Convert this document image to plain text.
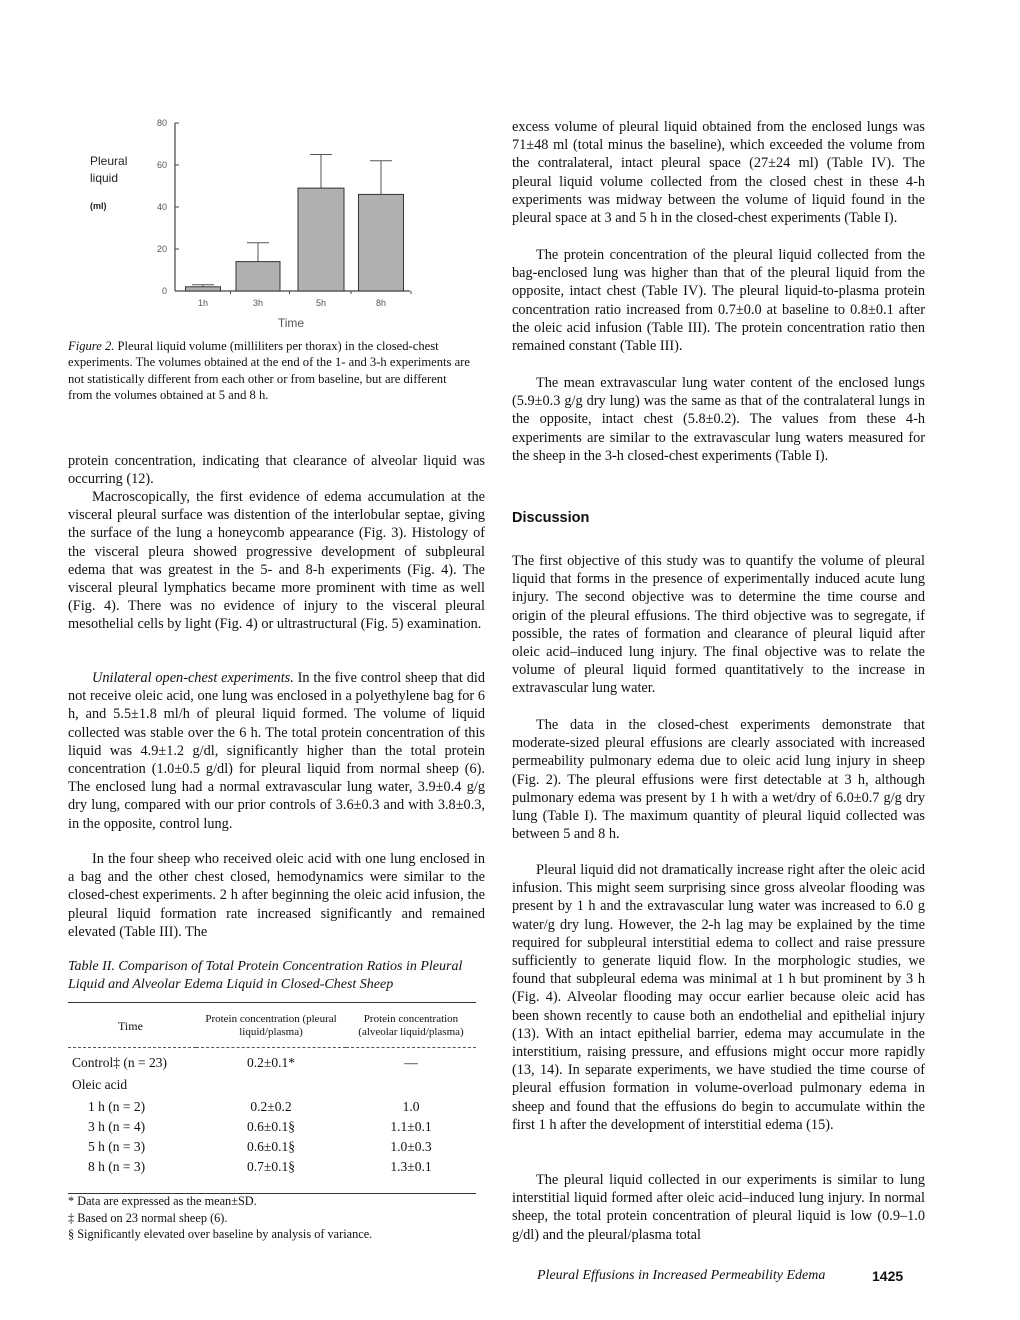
0
20
40
60
80
1h	3h	5h	8h
Time
Pleural
liquid
(ml)
Figure 2. Pleural liquid volume (milliliters per thorax) in the closed-chest experiments. The volumes obtained at the end of the 1- and 3-h experiments are not statistically different from each other or from baseline, but are different from the volumes obtained at 5 and 8 h.

protein concentration, indicating that clearance of alveolar liquid was occurring (12).

Macroscopically, the first evidence of edema accumulation at the visceral pleural surface was distention of the interlobular septae, giving the surface of the lung a honeycomb appearance (Fig. 3). Histology of the visceral pleura showed progressive development of subpleural edema that was greatest in the 5- and 8-h experiments (Fig. 4). The visceral pleural lymphatics became more prominent with time as well (Fig. 4). There was no evidence of injury to the visceral pleural mesothelial cells by light (Fig. 4) or ultrastructural (Fig. 5) examination.

Unilateral open-chest experiments. In the five control sheep that did not receive oleic acid, one lung was enclosed in a polyethylene bag for 6 h, and 5.5±1.8 ml/h of pleural liquid formed. The volume of liquid collected was stable over the 6 h. The total protein concentration of this liquid was 4.9±1.2 g/dl, significantly higher than the total protein concentration (1.0±0.5 g/dl) for pleural liquid from normal sheep (6). The enclosed lung had a normal extravascular lung water, 3.9±0.4 g/g dry lung, compared with our prior controls of 3.6±0.3 and with 3.8±0.3, in the opposite, control lung.

In the four sheep who received oleic acid with one lung enclosed in a bag and the other chest closed, hemodynamics were similar to the closed-chest experiments. 2 h after beginning the oleic acid infusion, the pleural liquid formation rate increased significantly and remained elevated (Table III). The

Table II. Comparison of Total Protein Concentration Ratios in Pleural Liquid and Alveolar Edema Liquid in Closed-Chest Sheep
Time	Protein concentration (pleural liquid/plasma)	Protein concentration (alveolar liquid/plasma)
Control‡ (n = 23)	0.2±0.1*	—
Oleic acid		
1 h (n = 2)	0.2±0.2	1.0
3 h (n = 4)	0.6±0.1§	1.1±0.1
5 h (n = 3)	0.6±0.1§	1.0±0.3
8 h (n = 3)	0.7±0.1§	1.3±0.1

* Data are expressed as the mean±SD.
‡ Based on 23 normal sheep (6).
§ Significantly elevated over baseline by analysis of variance.

excess volume of pleural liquid obtained from the enclosed lungs was 71±48 ml (total minus the baseline), which exceeded the volume from the contralateral, intact pleural space (27±24 ml) (Table IV). The pleural liquid volume collected from the closed chest in these 4-h experiments was midway between the volume of liquid found in the pleural space at 3 and 5 h in the closed-chest experiments (Table I).

The protein concentration of the pleural liquid collected from the bag-enclosed lung was higher than that of the pleural liquid from the opposite, intact chest (Table IV). The pleural liquid-to-plasma protein concentration ratio increased from 0.7±0.0 at baseline to 0.8±0.1 after the oleic acid infusion (Table III). The protein concentration ratio then remained constant (Table III).

The mean extravascular lung water content of the enclosed lungs (5.9±0.3 g/g dry lung) was the same as that of the contralateral lungs in the opposite, intact chest (5.8±0.2). The values from these 4-h experiments are similar to the extravascular lung waters measured for the sheep in the 3-h closed-chest experiments (Table I).

Discussion

The first objective of this study was to quantify the volume of pleural liquid that forms in the presence of experimentally induced acute lung injury. The second objective was to determine the time course and origin of the pleural effusions. The third objective was to segregate, if possible, the rates of formation and clearance of pleural liquid after oleic acid–induced lung injury. The final objective was to relate the volume of pleural liquid formed quantitatively to the increase in extravascular lung water.

The data in the closed-chest experiments demonstrate that moderate-sized pleural effusions are clearly associated with increased permeability pulmonary edema due to oleic acid lung injury in sheep (Fig. 2). The pleural effusions were first detectable at 3 h, although pulmonary edema was present by 1 h with a wet/dry of 6.0±0.7 g/g dry lung (Table I). The maximum quantity of pleural liquid collected was between 5 and 8 h.

Pleural liquid did not dramatically increase right after the oleic acid infusion. This might seem surprising since gross alveolar flooding was present by 1 h and the extravascular lung water was increased to 6.0 g water/g dry lung. However, the 2-h lag may be explained by the time required for subpleural interstitial edema to collect and raise pressure sufficiently to generate liquid flow. In the morphologic studies, we found that subpleural edema was minimal at 1 h but prominent by 3 h (Fig. 4). Alveolar flooding may occur earlier because oleic acid has been shown recently to cause both an endothelial and epithelial injury (13). With an intact epithelial barrier, edema may accumulate in the interstitium, raising pressure, and effusions might occur more rapidly (13, 14). In separate experiments, we have studied the time course of pleural effusion formation in volume-overload pulmonary edema in sheep and found that the effusions do begin to accumulate within the first 1 h after the development of interstitial edema (15).

The pleural liquid collected in our experiments is similar to lung interstitial liquid formed after oleic acid–induced lung injury. In normal sheep, the total protein concentration of pleural liquid is low (0.9–1.0 g/dl) and the pleural/plasma total

Pleural Effusions in Increased Permeability Edema	1425
